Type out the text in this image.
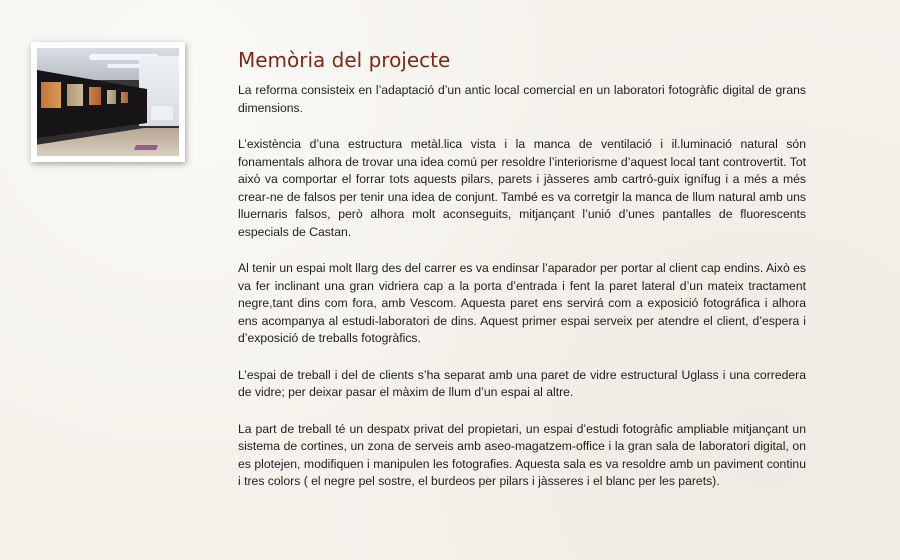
Memòria del projecte

La reforma consisteix en l’adaptació d’un antic local comercial en un laboratori fotogràfic digital de grans dimensions.

L’existència d’una estructura metàl.lica vista i la manca de ventilació i il.luminació natural són fonamentals alhora de trovar una idea comú per resoldre l’interiorisme d’aquest local tant controvertit. Tot això va comportar el forrar tots aquests pilars, parets i jàsseres amb cartró-guix ignífug i a més a més crear-ne de falsos per tenir una idea de conjunt. També es va corretgir la manca de llum natural amb uns lluernaris falsos, però alhora molt aconseguits, mitjançant l’unió d’unes pantalles de fluorescents especials de Castan.

Al tenir un espai molt llarg des del carrer es va endinsar l’aparador per portar al client cap endins. Això es va fer inclinant una gran vidriera cap a la porta d’entrada i fent la paret lateral d’un mateix tractament negre,tant dins com fora, amb Vescom. Aquesta paret ens servirá com a exposició fotográfica i alhora ens acompanya al estudi-laboratori de dins. Aquest primer espai serveix per atendre el client, d’espera i d’exposició de treballs fotogràfics.

L’espai de treball i del de clients s’ha separat amb una paret de vidre estructural Uglass i una corredera de vidre; per deixar pasar el màxim de llum d’un espai al altre.

La part de treball té un despatx privat del propietari, un espai d’estudi fotogràfic ampliable mitjançant un sistema de cortines, un zona de serveis amb aseo-magatzem-office i la gran sala de laboratori digital, on es plotejen, modifiquen i manipulen les fotografies. Aquesta sala es va resoldre amb un paviment continu i tres colors ( el negre pel sostre, el burdeos per pilars i jàsseres i el blanc per les parets).
